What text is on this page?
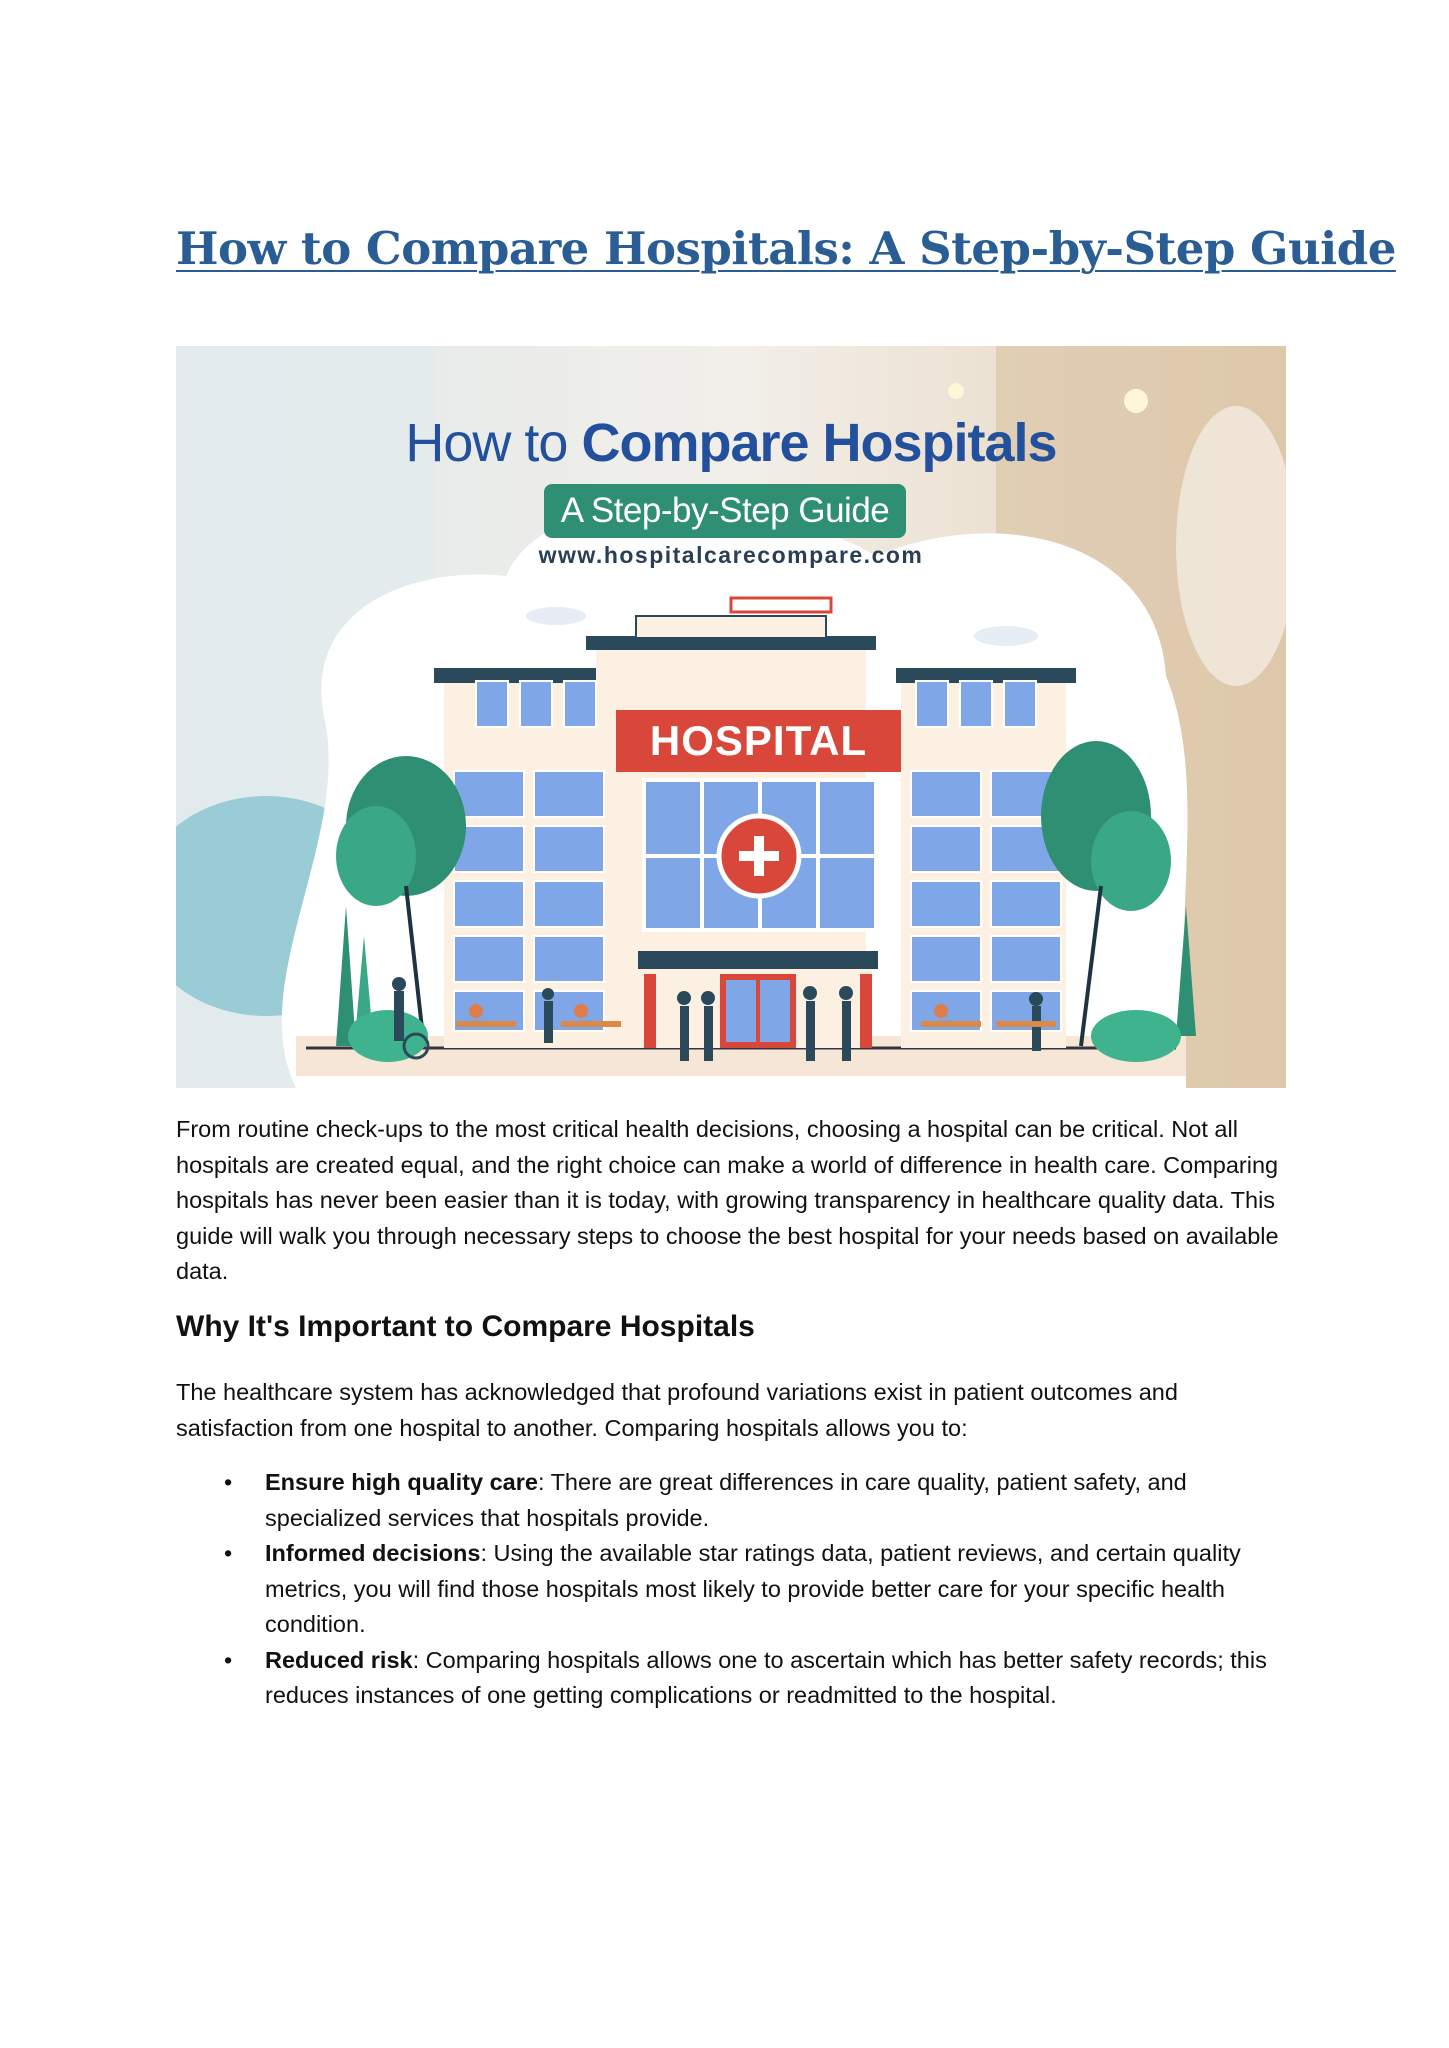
How to Compare Hospitals: A Step-by-Step Guide
How to Compare Hospitals
A Step-by-Step Guide
www.hospitalcarecompare.com
HOSPITAL

From routine check-ups to the most critical health decisions, choosing a hospital can be critical. Not all hospitals are created equal, and the right choice can make a world of difference in health care. Comparing hospitals has never been easier than it is today, with growing transparency in healthcare quality data. This guide will walk you through necessary steps to choose the best hospital for your needs based on available data.

Why It's Important to Compare Hospitals

The healthcare system has acknowledged that profound variations exist in patient outcomes and satisfaction from one hospital to another. Comparing hospitals allows you to:

• Ensure high quality care: There are great differences in care quality, patient safety, and specialized services that hospitals provide.
• Informed decisions: Using the available star ratings data, patient reviews, and certain quality metrics, you will find those hospitals most likely to provide better care for your specific health condition.
• Reduced risk: Comparing hospitals allows one to ascertain which has better safety records; this reduces instances of one getting complications or readmitted to the hospital.
